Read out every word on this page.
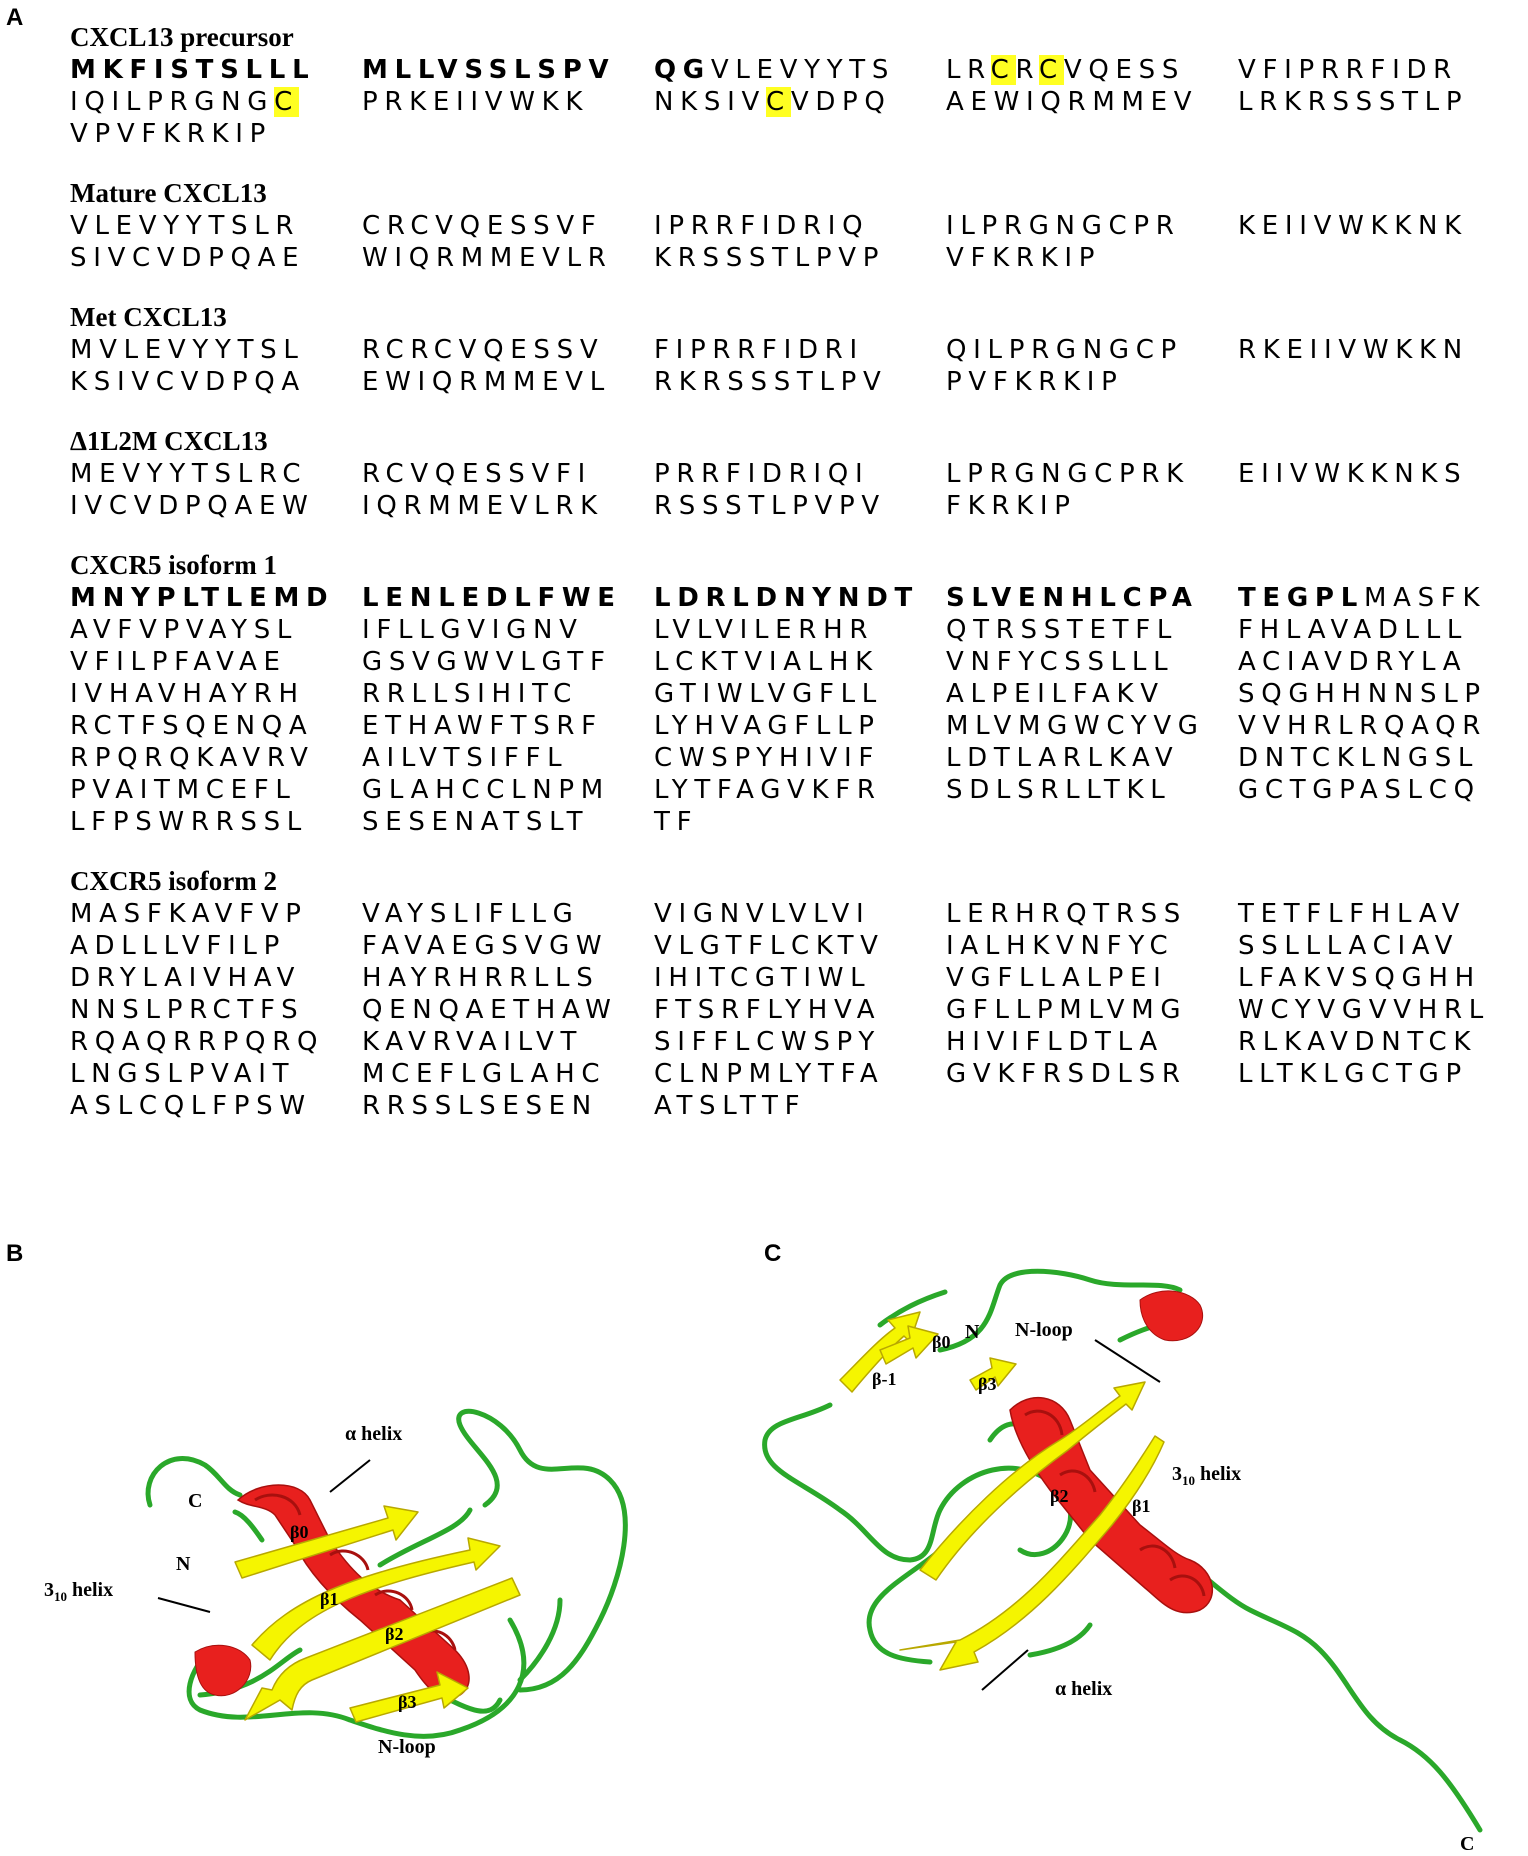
A
B	C
CXCL13 precursor
MKFISTSLLL	MLLVSSLSPV	QGVLEVYYTS	LRCRCVQESS	VFIPRRFIDR
IQILPRGNGC	PRKEIIVWKK	NKSIVCVDPQ	AEWIQRMMEV	LRKRSSSTLP
VPVFKRKIP
Mature CXCL13
VLEVYYTSLR	CRCVQESSVF	IPRRFIDRIQ	ILPRGNGCPR	KEIIVWKKNK
SIVCVDPQAE	WIQRMMEVLR	KRSSSTLPVP	VFKRKIP
Met CXCL13
MVLEVYYTSL	RCRCVQESSV	FIPRRFIDRI	QILPRGNGCP	RKEIIVWKKN
KSIVCVDPQA	EWIQRMMEVL	RKRSSSTLPV	PVFKRKIP
Δ1L2M CXCL13
MEVYYTSLRC	RCVQESSVFI	PRRFIDRIQI	LPRGNGCPRK	EIIVWKKNKS
IVCVDPQAEW	IQRMMEVLRK	RSSSTLPVPV	FKRKIP
CXCR5 isoform 1
MNYPLTLEMD	LENLEDLFWE	LDRLDNYNDT	SLVENHLCPA	TEGPLMASFK
AVFVPVAYSL	IFLLGVIGNV	LVLVILERHR	QTRSSTETFL	FHLAVADLLL
VFILPFAVAE	GSVGWVLGTF	LCKTVIALHK	VNFYCSSLLL	ACIAVDRYLA
IVHAVHAYRH	RRLLSIHITC	GTIWLVGFLL	ALPEILFAKV	SQGHHNNSLP
RCTFSQENQA	ETHAWFTSRF	LYHVAGFLLP	MLVMGWCYVG	VVHRLRQAQR
RPQRQKAVRV	AILVTSIFFL	CWSPYHIVIF	LDTLARLKAV	DNTCKLNGSL
PVAITMCEFL	GLAHCCLNPM	LYTFAGVKFR	SDLSRLLTKL	GCTGPASLCQ
LFPSWRRSSL	SESENATSLT	TF
CXCR5 isoform 2
MASFKAVFVP	VAYSLIFLLG	VIGNVLVLVI	LERHRQTRSS	TETFLFHLAV
ADLLLVFILP	FAVAEGSVGW	VLGTFLCKTV	IALHKVNFYC	SSLLLACIAV
DRYLAIVHAV	HAYRHRRLLS	IHITCGTIWL	VGFLLALPEI	LFAKVSQGHH
NNSLPRCTFS	QENQAETHAW	FTSRFLYHVA	GFLLPMLVMG	WCYVGVVHRL
RQAQRRPQRQ	KAVRVAILVT	SIFFLCWSPY	HIVIFLDTLA	RLKAVDNTCK
LNGSLPVAIT	MCEFLGLAHC	CLNPMLYTFA	GVKFRSDLSR	LLTKLGCTGP
ASLCQLFPSW	RRSSLSESEN	ATSLTTF
β0
β1
β2
β3
α helix
C
N
$3_{10}$ helix
N-loop
β-1
β0
β3
β2	β1
N N-loop
$3_{10}$ helix
α helix
C
